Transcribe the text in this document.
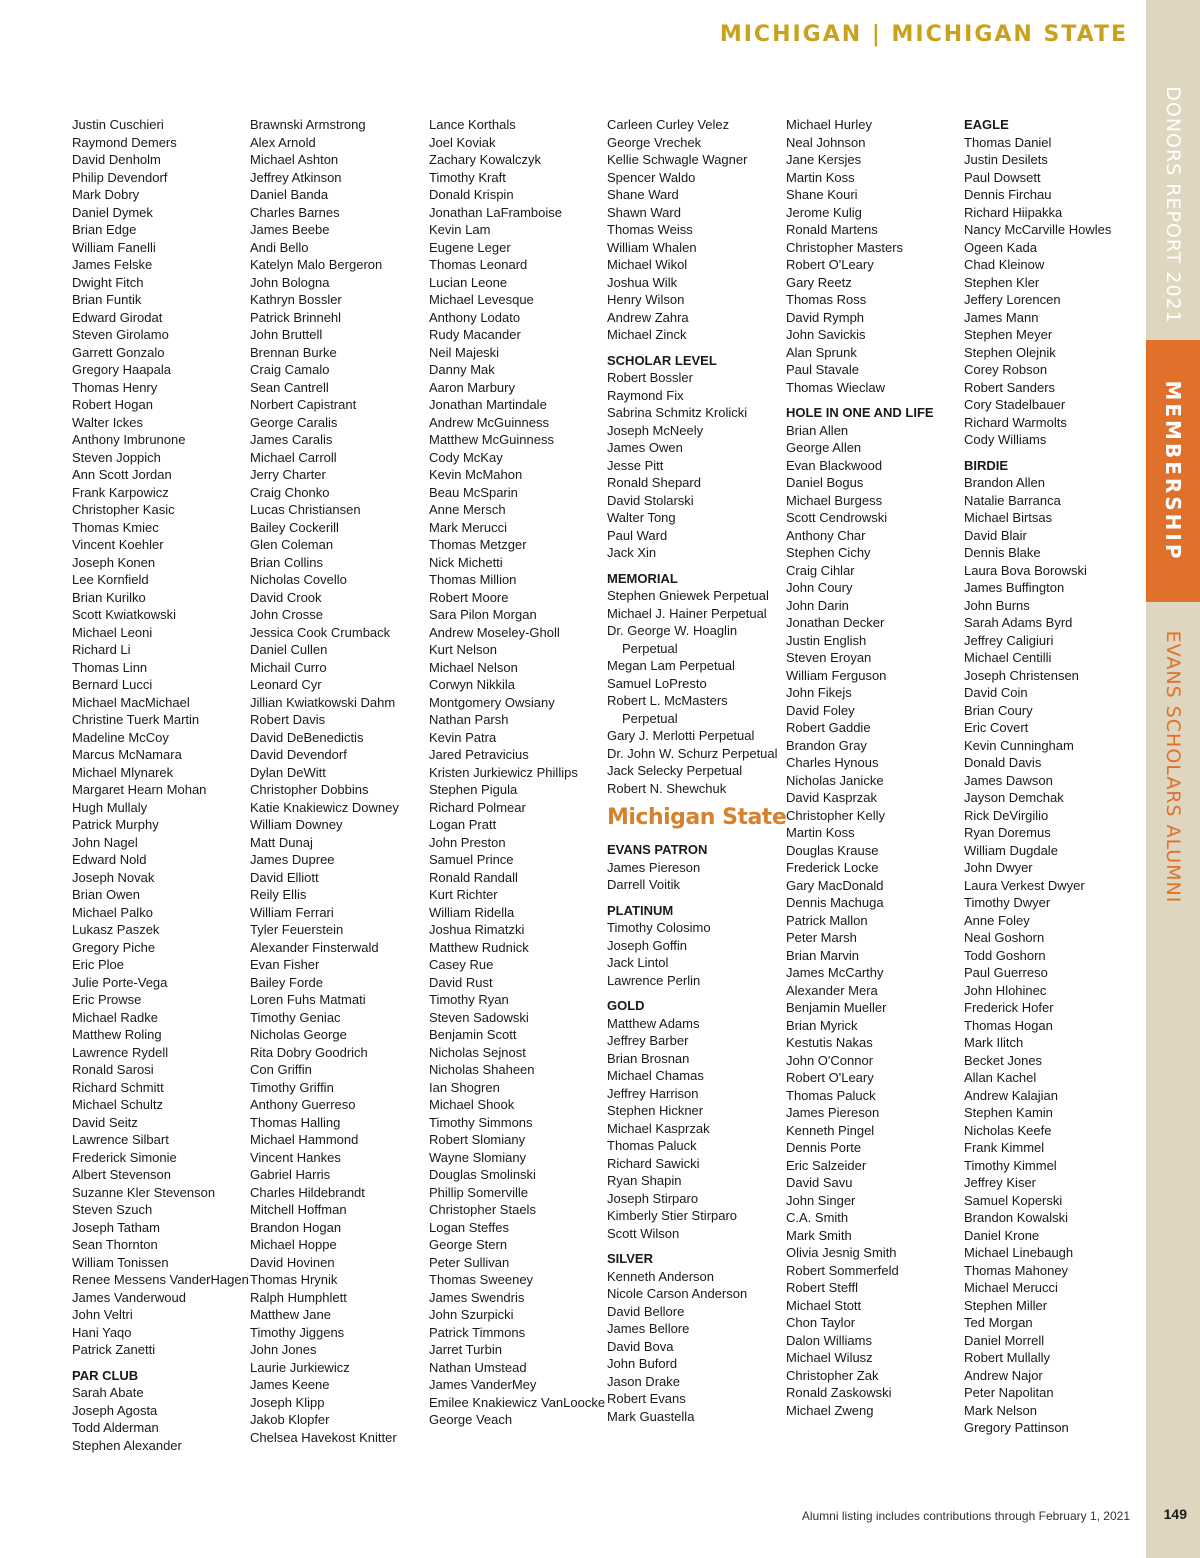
MICHIGAN | MICHIGAN STATE
DONORS REPORT 2021
MEMBERSHIP
EVANS SCHOLARS ALUMNI
Justin Cuschieri
Raymond Demers
David Denholm
Philip Devendorf
Mark Dobry
Daniel Dymek
Brian Edge
William Fanelli
James Felske
Dwight Fitch
Brian Funtik
Edward Girodat
Steven Girolamo
Garrett Gonzalo
Gregory Haapala
Thomas Henry
Robert Hogan
Walter Ickes
Anthony Imbrunone
Steven Joppich
Ann Scott Jordan
Frank Karpowicz
Christopher Kasic
Thomas Kmiec
Vincent Koehler
Joseph Konen
Lee Kornfield
Brian Kurilko
Scott Kwiatkowski
Michael Leoni
Richard Li
Thomas Linn
Bernard Lucci
Michael MacMichael
Christine Tuerk Martin
Madeline McCoy
Marcus McNamara
Michael Mlynarek
Margaret Hearn Mohan
Hugh Mullaly
Patrick Murphy
John Nagel
Edward Nold
Joseph Novak
Brian Owen
Michael Palko
Lukasz Paszek
Gregory Piche
Eric Ploe
Julie Porte-Vega
Eric Prowse
Michael Radke
Matthew Roling
Lawrence Rydell
Ronald Sarosi
Richard Schmitt
Michael Schultz
David Seitz
Lawrence Silbart
Frederick Simonie
Albert Stevenson
Suzanne Kler Stevenson
Steven Szuch
Joseph Tatham
Sean Thornton
William Tonissen
Renee Messens VanderHagen
James Vanderwoud
John Veltri
Hani Yaqo
Patrick Zanetti
PAR CLUB
Sarah Abate
Joseph Agosta
Todd Alderman
Stephen Alexander
Brawnski Armstrong
Alex Arnold
Michael Ashton
Jeffrey Atkinson
Daniel Banda
Charles Barnes
James Beebe
Andi Bello
Katelyn Malo Bergeron
John Bologna
Kathryn Bossler
Patrick Brinnehl
John Bruttell
Brennan Burke
Craig Camalo
Sean Cantrell
Norbert Capistrant
George Caralis
James Caralis
Michael Carroll
Jerry Charter
Craig Chonko
Lucas Christiansen
Bailey Cockerill
Glen Coleman
Brian Collins
Nicholas Covello
David Crook
John Crosse
Jessica Cook Crumback
Daniel Cullen
Michail Curro
Leonard Cyr
Jillian Kwiatkowski Dahm
Robert Davis
David DeBenedictis
David Devendorf
Dylan DeWitt
Christopher Dobbins
Katie Knakiewicz Downey
William Downey
Matt Dunaj
James Dupree
David Elliott
Reily Ellis
William Ferrari
Tyler Feuerstein
Alexander Finsterwald
Evan Fisher
Bailey Forde
Loren Fuhs Matmati
Timothy Geniac
Nicholas George
Rita Dobry Goodrich
Con Griffin
Timothy Griffin
Anthony Guerreso
Thomas Halling
Michael Hammond
Vincent Hankes
Gabriel Harris
Charles Hildebrandt
Mitchell Hoffman
Brandon Hogan
Michael Hoppe
David Hovinen
Thomas Hrynik
Ralph Humphlett
Matthew Jane
Timothy Jiggens
John Jones
Laurie Jurkiewicz
James Keene
Joseph Klipp
Jakob Klopfer
Chelsea Havekost Knitter
Lance Korthals
Joel Koviak
Zachary Kowalczyk
Timothy Kraft
Donald Krispin
Jonathan LaFramboise
Kevin Lam
Eugene Leger
Thomas Leonard
Lucian Leone
Michael Levesque
Anthony Lodato
Rudy Macander
Neil Majeski
Danny Mak
Aaron Marbury
Jonathan Martindale
Andrew McGuinness
Matthew McGuinness
Cody McKay
Kevin McMahon
Beau McSparin
Anne Mersch
Mark Merucci
Thomas Metzger
Nick Michetti
Thomas Million
Robert Moore
Sara Pilon Morgan
Andrew Moseley-Gholl
Kurt Nelson
Michael Nelson
Corwyn Nikkila
Montgomery Owsiany
Nathan Parsh
Kevin Patra
Jared Petravicius
Kristen Jurkiewicz Phillips
Stephen Pigula
Richard Polmear
Logan Pratt
John Preston
Samuel Prince
Ronald Randall
Kurt Richter
William Ridella
Joshua Rimatzki
Matthew Rudnick
Casey Rue
David Rust
Timothy Ryan
Steven Sadowski
Benjamin Scott
Nicholas Sejnost
Nicholas Shaheen
Ian Shogren
Michael Shook
Timothy Simmons
Robert Slomiany
Wayne Slomiany
Douglas Smolinski
Phillip Somerville
Christopher Staels
Logan Steffes
George Stern
Peter Sullivan
Thomas Sweeney
James Swendris
John Szurpicki
Patrick Timmons
Jarret Turbin
Nathan Umstead
James VanderMey
Emilee Knakiewicz VanLoocke
George Veach
Carleen Curley Velez
George Vrechek
Kellie Schwagle Wagner
Spencer Waldo
Shane Ward
Shawn Ward
Thomas Weiss
William Whalen
Michael Wikol
Joshua Wilk
Henry Wilson
Andrew Zahra
Michael Zinck
SCHOLAR LEVEL
Robert Bossler
Raymond Fix
Sabrina Schmitz Krolicki
Joseph McNeely
James Owen
Jesse Pitt
Ronald Shepard
David Stolarski
Walter Tong
Paul Ward
Jack Xin
MEMORIAL
Stephen Gniewek Perpetual
Michael J. Hainer Perpetual
Dr. George W. Hoaglin
Perpetual
Megan Lam Perpetual
Samuel LoPresto
Robert L. McMasters
Perpetual
Gary J. Merlotti Perpetual
Dr. John W. Schurz Perpetual
Jack Selecky Perpetual
Robert N. Shewchuk
Michigan State
EVANS PATRON
James Piereson
Darrell Voitik
PLATINUM
Timothy Colosimo
Joseph Goffin
Jack Lintol
Lawrence Perlin
GOLD
Matthew Adams
Jeffrey Barber
Brian Brosnan
Michael Chamas
Jeffrey Harrison
Stephen Hickner
Michael Kasprzak
Thomas Paluck
Richard Sawicki
Ryan Shapin
Joseph Stirparo
Kimberly Stier Stirparo
Scott Wilson
SILVER
Kenneth Anderson
Nicole Carson Anderson
David Bellore
James Bellore
David Bova
John Buford
Jason Drake
Robert Evans
Mark Guastella
Michael Hurley
Neal Johnson
Jane Kersjes
Martin Koss
Shane Kouri
Jerome Kulig
Ronald Martens
Christopher Masters
Robert O'Leary
Gary Reetz
Thomas Ross
David Rymph
John Savickis
Alan Sprunk
Paul Stavale
Thomas Wieclaw
HOLE IN ONE AND LIFE
Brian Allen
George Allen
Evan Blackwood
Daniel Bogus
Michael Burgess
Scott Cendrowski
Anthony Char
Stephen Cichy
Craig Cihlar
John Coury
John Darin
Jonathan Decker
Justin English
Steven Eroyan
William Ferguson
John Fikejs
David Foley
Robert Gaddie
Brandon Gray
Charles Hynous
Nicholas Janicke
David Kasprzak
Christopher Kelly
Martin Koss
Douglas Krause
Frederick Locke
Gary MacDonald
Dennis Machuga
Patrick Mallon
Peter Marsh
Brian Marvin
James McCarthy
Alexander Mera
Benjamin Mueller
Brian Myrick
Kestutis Nakas
John O'Connor
Robert O'Leary
Thomas Paluck
James Piereson
Kenneth Pingel
Dennis Porte
Eric Salzeider
David Savu
John Singer
C.A. Smith
Mark Smith
Olivia Jesnig Smith
Robert Sommerfeld
Robert Steffl
Michael Stott
Chon Taylor
Dalon Williams
Michael Wilusz
Christopher Zak
Ronald Zaskowski
Michael Zweng
EAGLE
Thomas Daniel
Justin Desilets
Paul Dowsett
Dennis Firchau
Richard Hiipakka
Nancy McCarville Howles
Ogeen Kada
Chad Kleinow
Stephen Kler
Jeffery Lorencen
James Mann
Stephen Meyer
Stephen Olejnik
Corey Robson
Robert Sanders
Cory Stadelbauer
Richard Warmolts
Cody Williams
BIRDIE
Brandon Allen
Natalie Barranca
Michael Birtsas
David Blair
Dennis Blake
Laura Bova Borowski
James Buffington
John Burns
Sarah Adams Byrd
Jeffrey Caligiuri
Michael Centilli
Joseph Christensen
David Coin
Brian Coury
Eric Covert
Kevin Cunningham
Donald Davis
James Dawson
Jayson Demchak
Rick DeVirgilio
Ryan Doremus
William Dugdale
John Dwyer
Laura Verkest Dwyer
Timothy Dwyer
Anne Foley
Neal Goshorn
Todd Goshorn
Paul Guerreso
John Hlohinec
Frederick Hofer
Thomas Hogan
Mark Ilitch
Becket Jones
Allan Kachel
Andrew Kalajian
Stephen Kamin
Nicholas Keefe
Frank Kimmel
Timothy Kimmel
Jeffrey Kiser
Samuel Koperski
Brandon Kowalski
Daniel Krone
Michael Linebaugh
Thomas Mahoney
Michael Merucci
Stephen Miller
Ted Morgan
Daniel Morrell
Robert Mullally
Andrew Najor
Peter Napolitan
Mark Nelson
Gregory Pattinson
Alumni listing includes contributions through February 1, 2021 149
